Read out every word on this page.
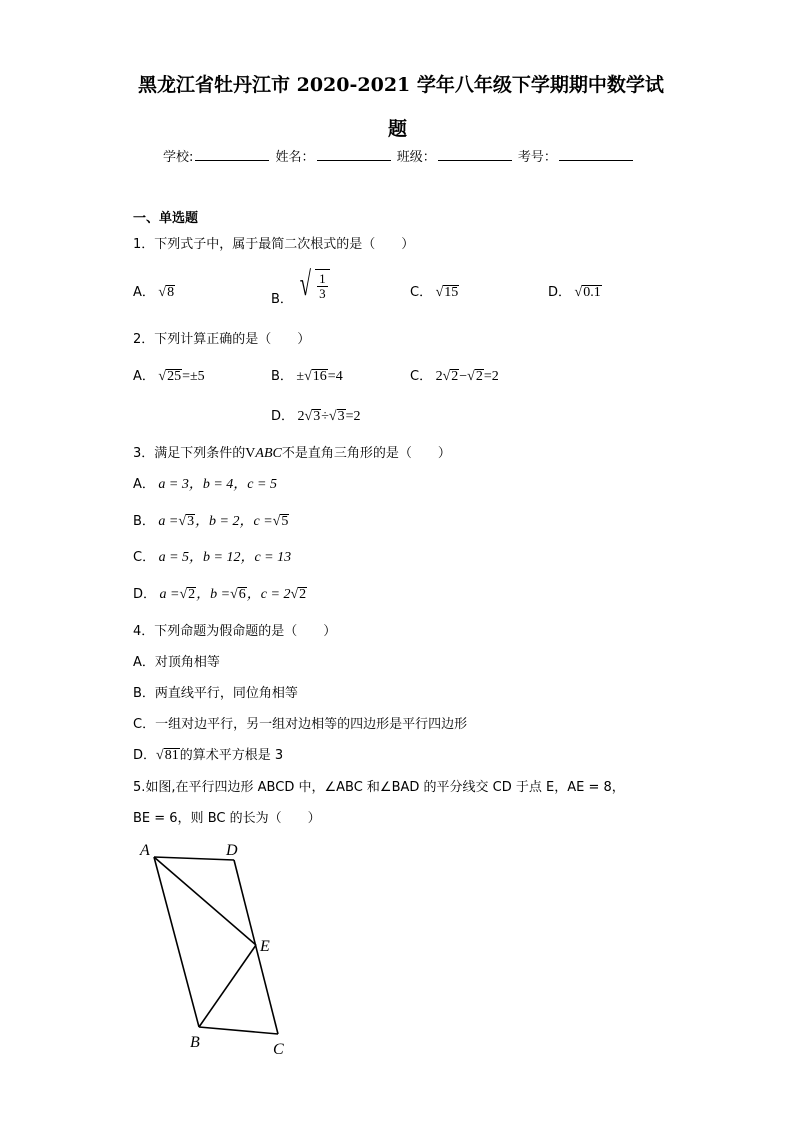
黑龙江省牡丹江市 2020-2021 学年八年级下学期期中数学试
题
学校:	姓名：	班级：	考号：
一、单选题
1．下列式子中，属于最简二次根式的是（　　）
A． √8	B． √ $\frac{1}{3}$	C． √15	D． √0.1
2．下列计算正确的是（　　）
A． √25=±5	B． ±√16=4	C． 2√2−√2=2
D． 2√3÷√3=2
3．满足下列条件的VABC不是直角三角形的是（　　）
A． a = 3，b = 4，c = 5
B． a =√3，b = 2，c =√5
C． a = 5，b = 12，c = 13
D． a =√2，b =√6，c = 2√2
4．下列命题为假命题的是（　　）
A．对顶角相等
B．两直线平行，同位角相等
C．一组对边平行，另一组对边相等的四边形是平行四边形
D．√81的算术平方根是 3
5.如图,在平行四边形 ABCD 中，∠ABC 和∠BAD 的平分线交 CD 于点 E，AE = 8，
BE = 6，则 BC 的长为（　　）
A	D
E
B	C
